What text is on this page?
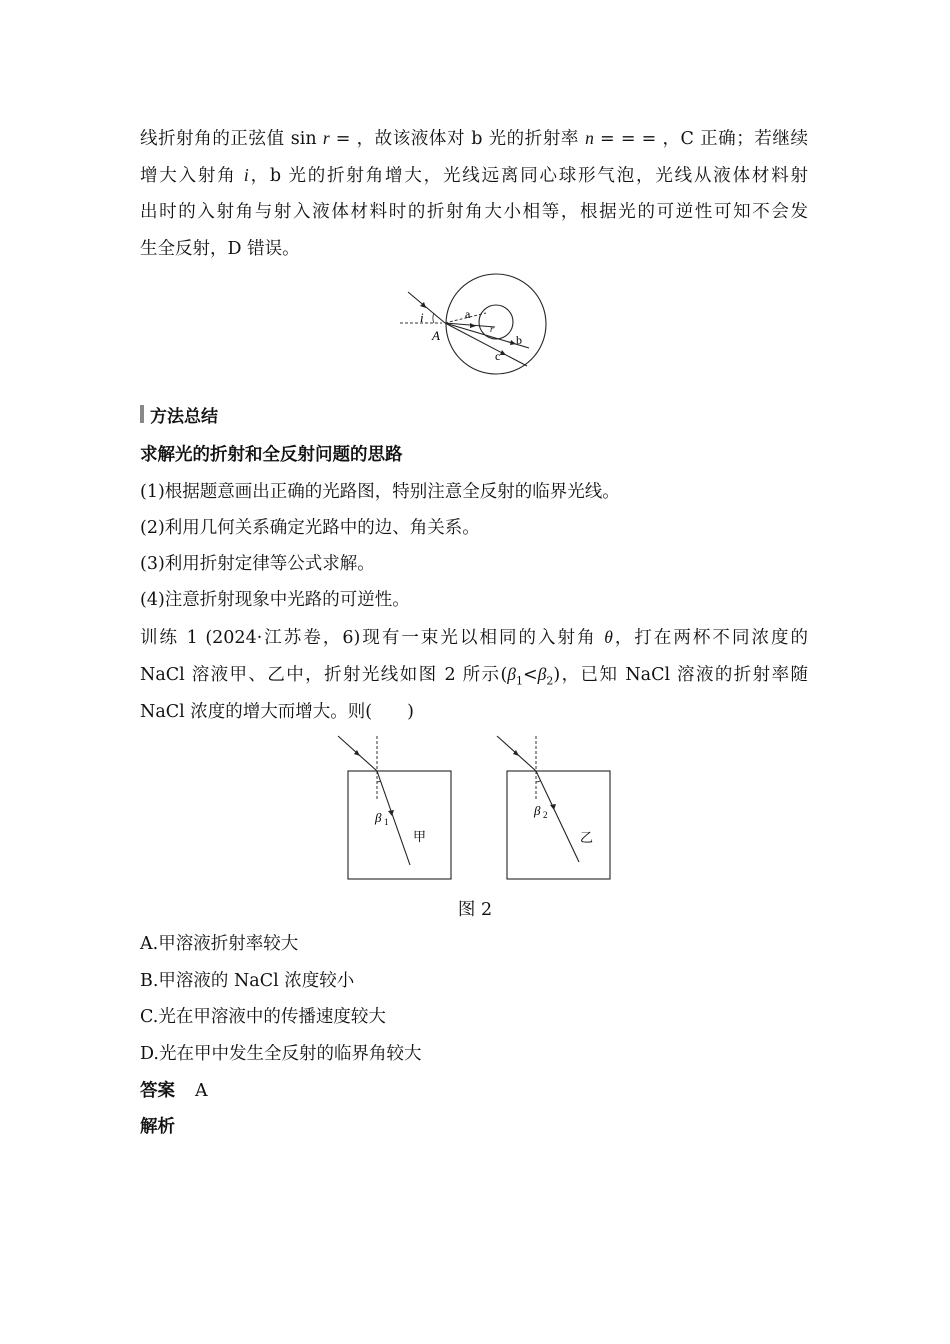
线折射角的正弦值 sin r = ，故该液体对 b 光的折射率 n = = = ，C 正确；若继续
增大入射角 i，b 光的折射角增大，光线远离同心球形气泡，光线从液体材料射
出时的入射角与射入液体材料时的折射角大小相等，根据光的可逆性可知不会发
生全反射，D 错误。
i
A
a
b
c
r
方法总结
求解光的折射和全反射问题的思路
(1)根据题意画出正确的光路图，特别注意全反射的临界光线。
(2)利用几何关系确定光路中的边、角关系。
(3)利用折射定律等公式求解。
(4)注意折射现象中光路的可逆性。
训练 1 (2024·江苏卷，6)现有一束光以相同的入射角 θ，打在两杯不同浓度的
NaCl 溶液甲、乙中，折射光线如图 2 所示$(\beta_1<\beta_2)$，已知 NaCl 溶液的折射率随
NaCl 浓度的增大而增大。则(　　)
β 1
甲
β 2
乙
图 2
A.甲溶液折射率较大
B.甲溶液的 NaCl 浓度较小
C.光在甲溶液中的传播速度较大
D.光在甲中发生全反射的临界角较大
答案 A
解析
